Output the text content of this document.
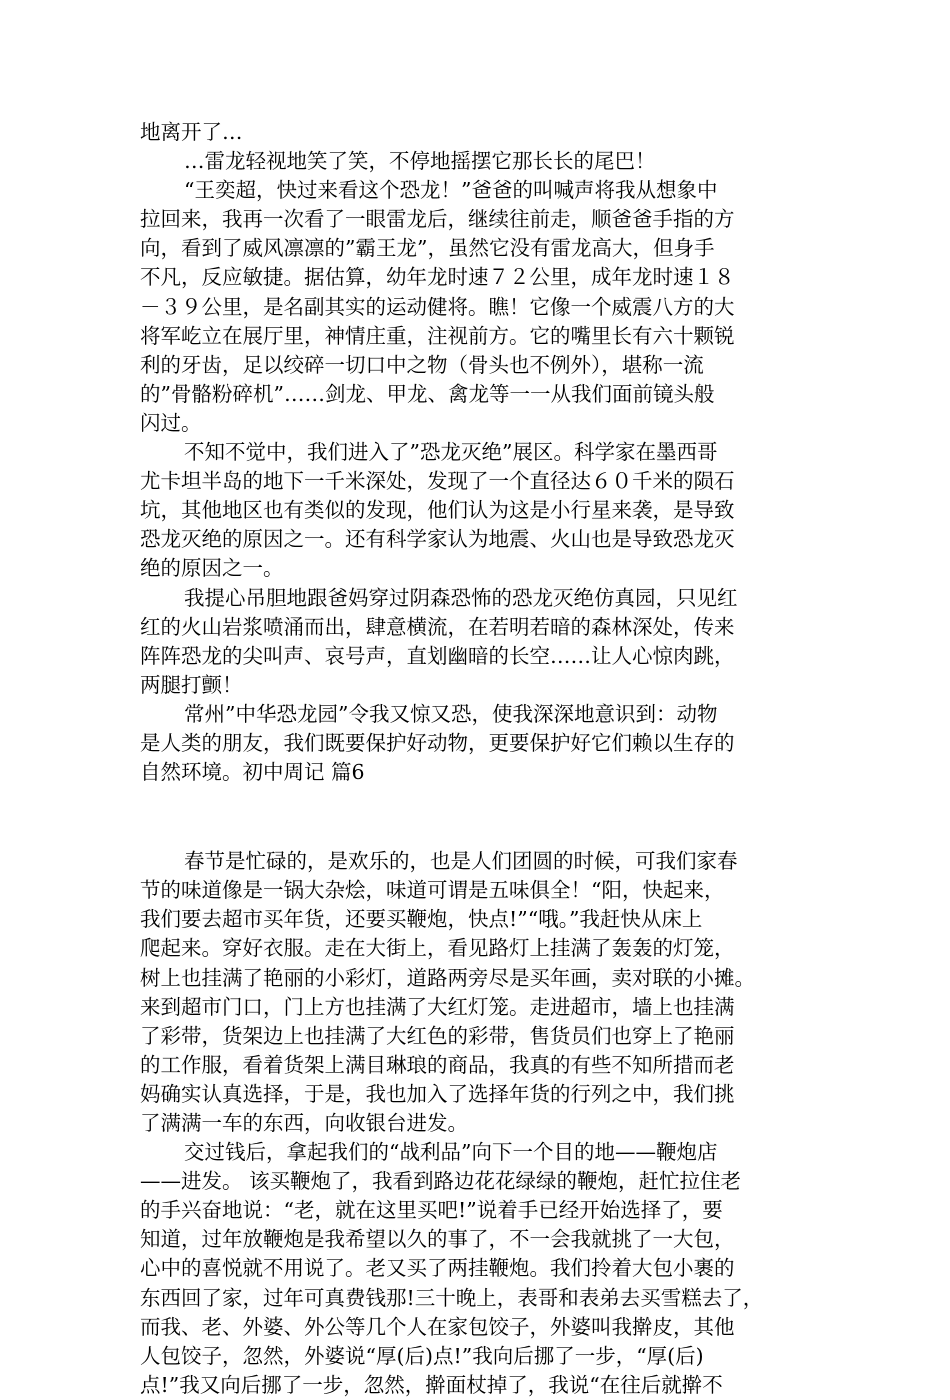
地离开了…
…雷龙轻视地笑了笑，不停地摇摆它那长长的尾巴！
“王奕超，快过来看这个恐龙！”爸爸的叫喊声将我从想象中
拉回来，我再一次看了一眼雷龙后，继续往前走，顺爸爸手指的方
向，看到了威风凛凛的”霸王龙”，虽然它没有雷龙高大，但身手
不凡，反应敏捷。据估算，幼年龙时速７２公里，成年龙时速１８
－３９公里，是名副其实的运动健将。瞧！它像一个威震八方的大
将军屹立在展厅里，神情庄重，注视前方。它的嘴里长有六十颗锐
利的牙齿，足以绞碎一切口中之物（骨头也不例外），堪称一流
的”骨骼粉碎机”……剑龙、甲龙、禽龙等一一从我们面前镜头般
闪过。
不知不觉中，我们进入了”恐龙灭绝”展区。科学家在墨西哥
尤卡坦半岛的地下一千米深处，发现了一个直径达６０千米的陨石
坑，其他地区也有类似的发现，他们认为这是小行星来袭，是导致
恐龙灭绝的原因之一。还有科学家认为地震、火山也是导致恐龙灭
绝的原因之一。
我提心吊胆地跟爸妈穿过阴森恐怖的恐龙灭绝仿真园，只见红
红的火山岩浆喷涌而出，肆意横流，在若明若暗的森林深处，传来
阵阵恐龙的尖叫声、哀号声，直划幽暗的长空……让人心惊肉跳，
两腿打颤！
常州”中华恐龙园”令我又惊又恐，使我深深地意识到：动物
是人类的朋友，我们既要保护好动物，更要保护好它们赖以生存的
自然环境。初中周记 篇6
春节是忙碌的，是欢乐的，也是人们团圆的时候，可我们家春
节的味道像是一锅大杂烩，味道可谓是五味俱全！“阳，快起来，
我们要去超市买年货，还要买鞭炮，快点!”“哦。”我赶快从床上
爬起来。穿好衣服。走在大街上，看见路灯上挂满了轰轰的灯笼，
树上也挂满了艳丽的小彩灯，道路两旁尽是买年画，卖对联的小摊。
来到超市门口，门上方也挂满了大红灯笼。走进超市，墙上也挂满
了彩带，货架边上也挂满了大红色的彩带，售货员们也穿上了艳丽
的工作服，看着货架上满目琳琅的商品，我真的有些不知所措而老
妈确实认真选择，于是，我也加入了选择年货的行列之中，我们挑
了满满一车的东西，向收银台进发。
交过钱后，拿起我们的“战利品”向下一个目的地——鞭炮店
——进发。 该买鞭炮了，我看到路边花花绿绿的鞭炮，赶忙拉住老
的手兴奋地说：“老，就在这里买吧!”说着手已经开始选择了，要
知道，过年放鞭炮是我希望以久的事了，不一会我就挑了一大包，
心中的喜悦就不用说了。老又买了两挂鞭炮。我们拎着大包小裹的
东西回了家，过年可真费钱那!三十晚上，表哥和表弟去买雪糕去了，
而我、老、外婆、外公等几个人在家包饺子，外婆叫我擀皮，其他
人包饺子，忽然，外婆说“厚(后)点!”我向后挪了一步，“厚(后)
点!”我又向后挪了一步，忽然，擀面杖掉了，我说“在往后就擀不
